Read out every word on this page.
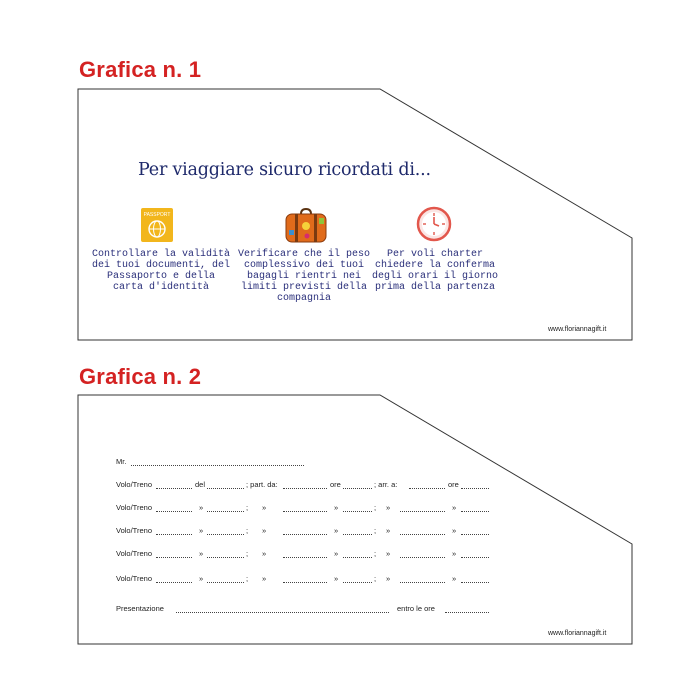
Grafica n. 1
Grafica n. 2
Per viaggiare sicuro ricordati di...
PASSPORT
Controllare la validità dei tuoi documenti, del Passaporto e della carta d'identità
Verificare che il peso complessivo dei tuoi bagagli rientri nei limiti previsti della compagnia
Per voli charter chiedere la conferma degli orari il giorno prima della partenza
www.floriannagift.it
Mr.
Volo/Treno	del	; part. da:	ore	; arr. a:	ore
Volo/Treno	»	; »	»	; »	»
Volo/Treno	»	; »	»	; »	»
Volo/Treno	»	; »	»	; »	»
Volo/Treno	»	; »	»	; »	»
Presentazione	entro le ore
www.floriannagift.it
